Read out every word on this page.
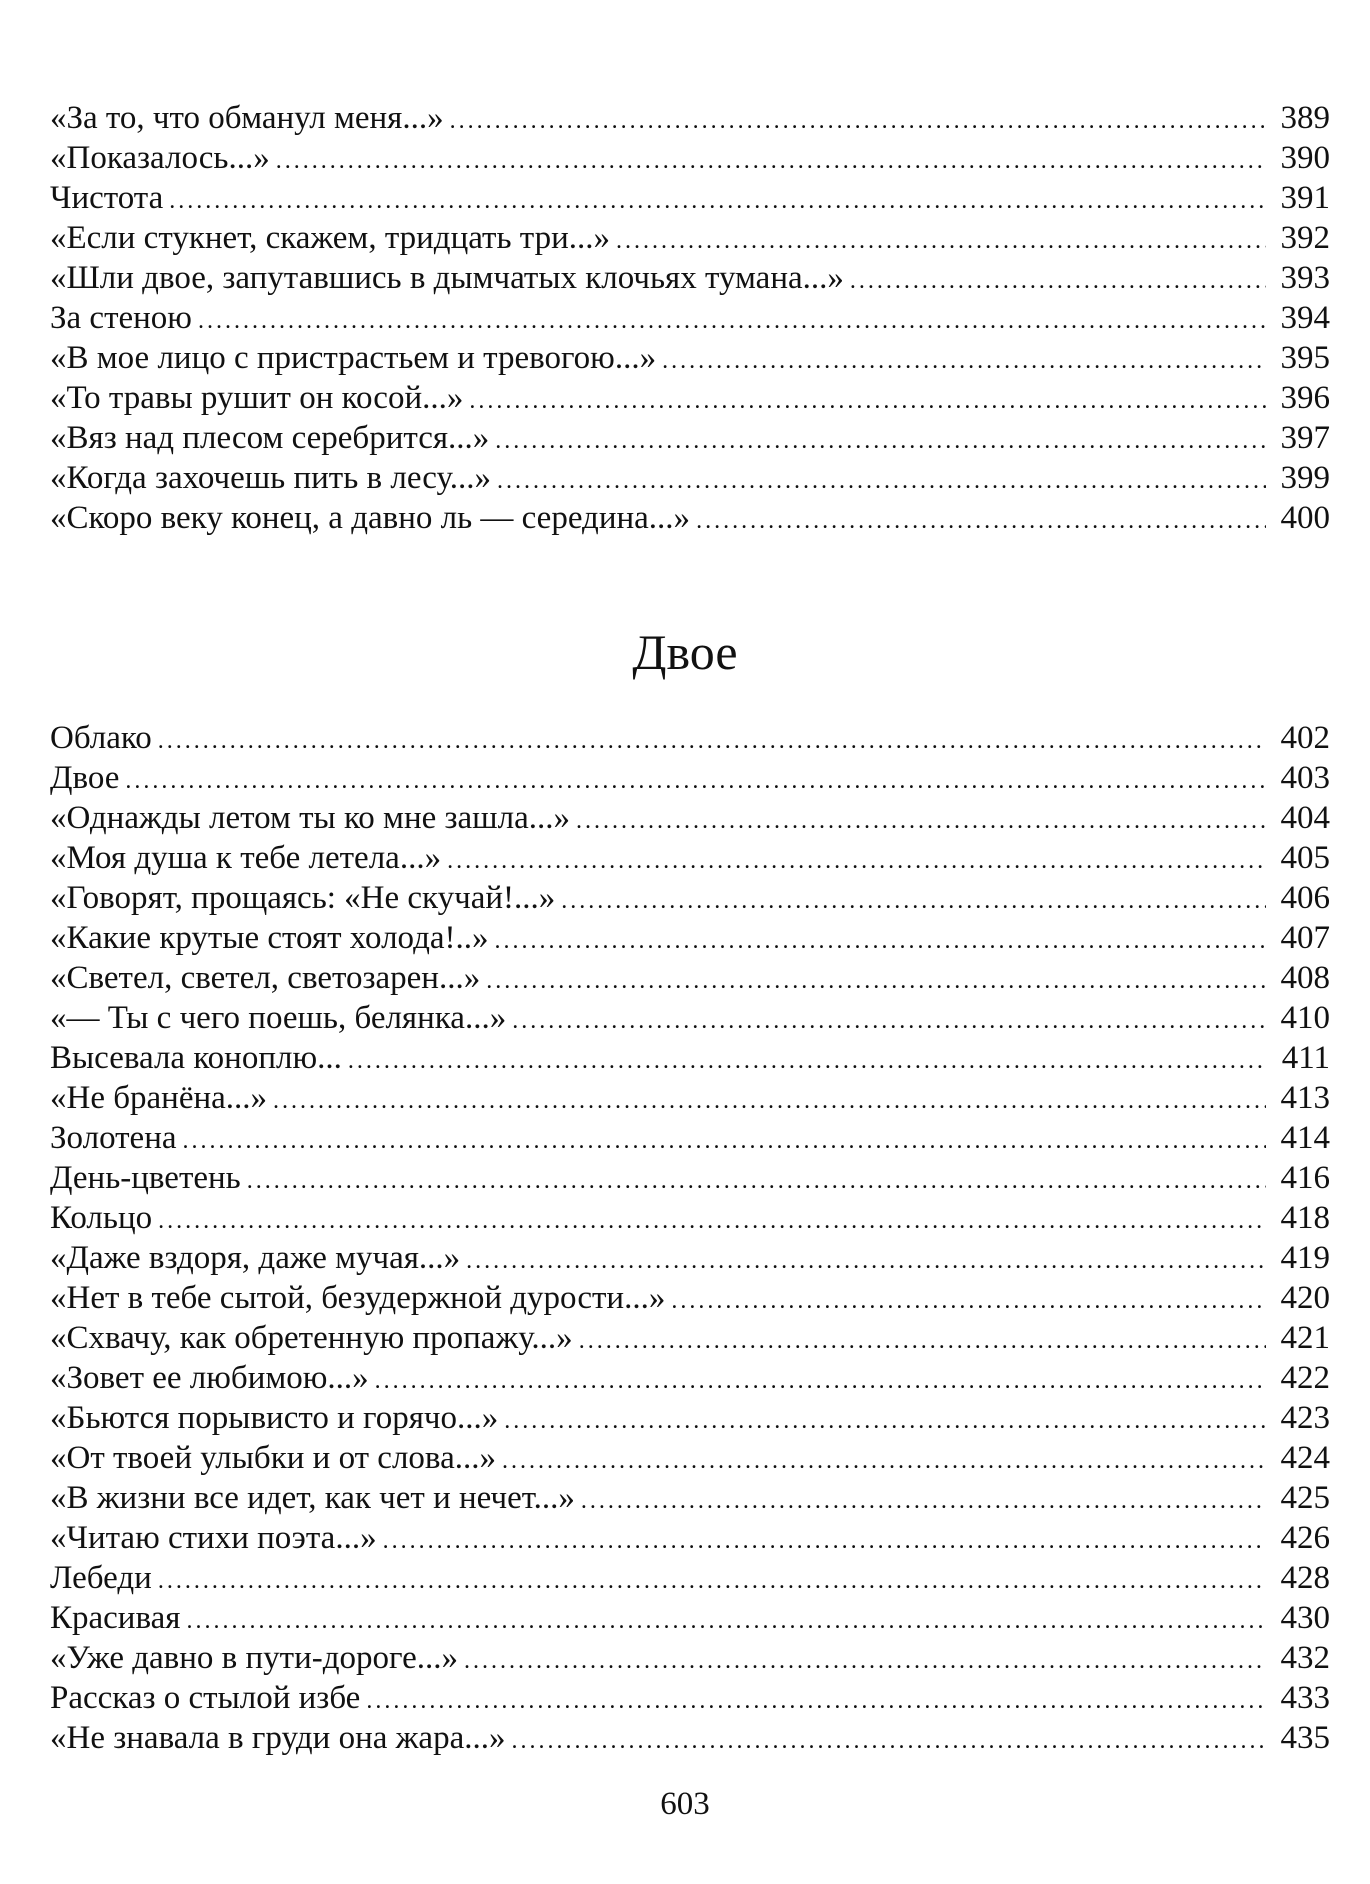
«За то, что обманул меня...» .....	389
«Показалось...» .....	390
Чистота .....	391
«Если стукнет, скажем, тридцать три...» .....	392
«Шли двое, запутавшись в дымчатых клочьях тумана...» .....	393
За стеною .....	394
«В мое лицо с пристрастьем и тревогою...» .....	395
«То травы рушит он косой...» .....	396
«Вяз над плесом серебрится...» .....	397
«Когда захочешь пить в лесу...» .....	399
«Скоро веку конец, а давно ль — середина...» .....	400
Двое
Облако .....	402
Двое .....	403
«Однажды летом ты ко мне зашла...» .....	404
«Моя душа к тебе летела...» .....	405
«Говорят, прощаясь: «Не скучай!...» .....	406
«Какие крутые стоят холода!..» .....	407
«Светел, светел, светозарен...» .....	408
«— Ты с чего поешь, белянка...» .....	410
Высевала коноплю... .....	411
«Не бранёна...» .....	413
Золотена .....	414
День-цветень .....	416
Кольцо .....	418
«Даже вздоря, даже мучая...» .....	419
«Нет в тебе сытой, безудержной дурости...» .....	420
«Схвачу, как обретенную пропажу...» .....	421
«Зовет ее любимою...» .....	422
«Бьются порывисто и горячо...» .....	423
«От твоей улыбки и от слова...» .....	424
«В жизни все идет, как чет и нечет...» .....	425
«Читаю стихи поэта...» .....	426
Лебеди .....	428
Красивая .....	430
«Уже давно в пути-дороге...» .....	432
Рассказ о стылой избе .....	433
«Не знавала в груди она жара...» .....	435
603
